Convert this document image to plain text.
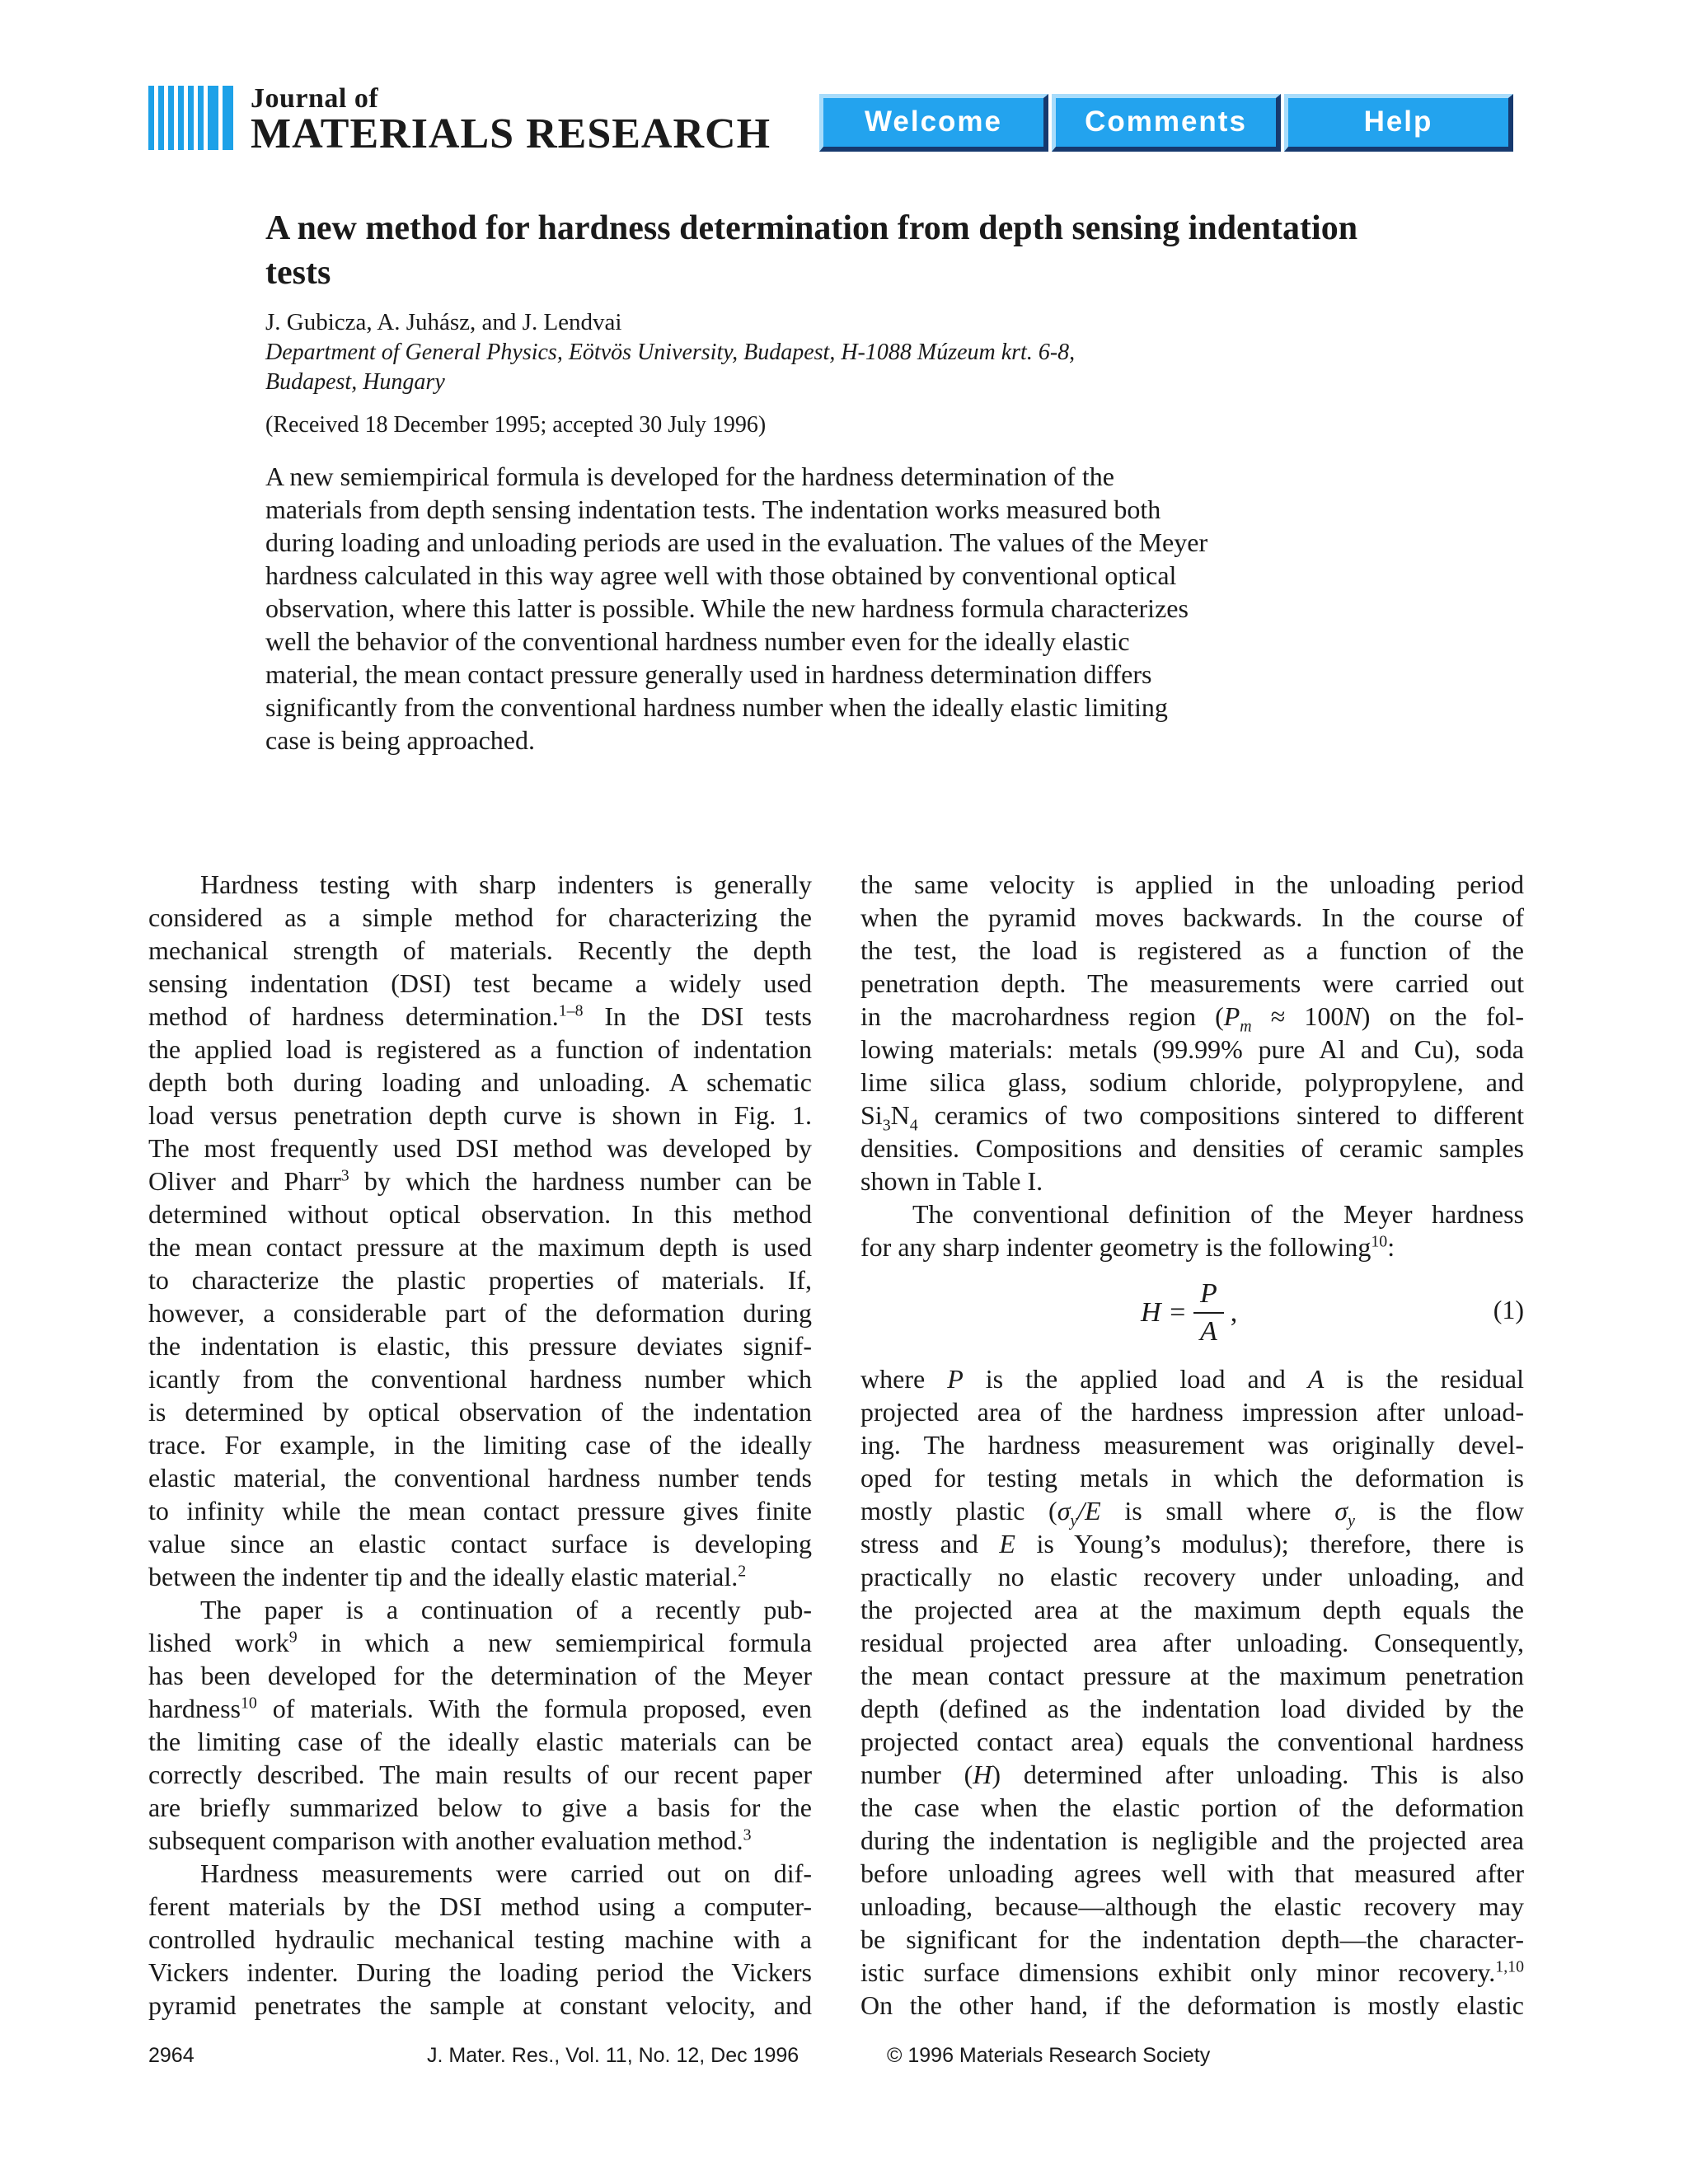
Journal of
MATERIALS RESEARCH	Welcome	Comments	Help
A new method for hardness determination from depth sensing indentation tests
J. Gubicza, A. Juhász, and J. Lendvai
Department of General Physics, Eötvös University, Budapest, H-1088 Múzeum krt. 6-8,
Budapest, Hungary
(Received 18 December 1995; accepted 30 July 1996)
A new semiempirical formula is developed for the hardness determination of the
materials from depth sensing indentation tests. The indentation works measured both
during loading and unloading periods are used in the evaluation. The values of the Meyer
hardness calculated in this way agree well with those obtained by conventional optical
observation, where this latter is possible. While the new hardness formula characterizes
well the behavior of the conventional hardness number even for the ideally elastic
material, the mean contact pressure generally used in hardness determination differs
significantly from the conventional hardness number when the ideally elastic limiting
case is being approached.
Hardness testing with sharp indenters is generally
considered as a simple method for characterizing the
mechanical strength of materials. Recently the depth
sensing indentation (DSI) test became a widely used
method of hardness determination.$^{1-8}$ In the DSI tests
the applied load is registered as a function of indentation
depth both during loading and unloading. A schematic
load versus penetration depth curve is shown in Fig. 1.
The most frequently used DSI method was developed by
Oliver and Pharr$^3$ by which the hardness number can be
determined without optical observation. In this method
the mean contact pressure at the maximum depth is used
to characterize the plastic properties of materials. If,
however, a considerable part of the deformation during
the indentation is elastic, this pressure deviates signif-
icantly from the conventional hardness number which
is determined by optical observation of the indentation
trace. For example, in the limiting case of the ideally
elastic material, the conventional hardness number tends
to infinity while the mean contact pressure gives finite
value since an elastic contact surface is developing
between the indenter tip and the ideally elastic material.$^2$
The paper is a continuation of a recently pub-
lished work$^9$ in which a new semiempirical formula
has been developed for the determination of the Meyer
hardness$^{10}$ of materials. With the formula proposed, even
the limiting case of the ideally elastic materials can be
correctly described. The main results of our recent paper
are briefly summarized below to give a basis for the
subsequent comparison with another evaluation method.$^3$
Hardness measurements were carried out on dif-
ferent materials by the DSI method using a computer-
controlled hydraulic mechanical testing machine with a
Vickers indenter. During the loading period the Vickers
pyramid penetrates the sample at constant velocity, and
the same velocity is applied in the unloading period
when the pyramid moves backwards. In the course of
the test, the load is registered as a function of the
penetration depth. The measurements were carried out
in the macrohardness region $(P_m \approx 100N)$ on the fol-
lowing materials: metals (99.99% pure Al and Cu), soda
lime silica glass, sodium chloride, polypropylene, and
$Si_3N_4$ ceramics of two compositions sintered to different
densities. Compositions and densities of ceramic samples
shown in Table I.
The conventional definition of the Meyer hardness
for any sharp indenter geometry is the following$^{10}$:
$H = \frac{P}{A}$ ,	(1)
where P is the applied load and A is the residual
projected area of the hardness impression after unload-
ing. The hardness measurement was originally devel-
oped for testing metals in which the deformation is
mostly plastic ($\sigma_y/E$ is small where $\sigma_y$ is the flow
stress and E is Young’s modulus); therefore, there is
practically no elastic recovery under unloading, and
the projected area at the maximum depth equals the
residual projected area after unloading. Consequently,
the mean contact pressure at the maximum penetration
depth (defined as the indentation load divided by the
projected contact area) equals the conventional hardness
number (H) determined after unloading. This is also
the case when the elastic portion of the deformation
during the indentation is negligible and the projected area
before unloading agrees well with that measured after
unloading, because—although the elastic recovery may
be significant for the indentation depth—the character-
istic surface dimensions exhibit only minor recovery.$^{1,10}$
On the other hand, if the deformation is mostly elastic
2964	J. Mater. Res., Vol. 11, No. 12, Dec 1996	© 1996 Materials Research Society
